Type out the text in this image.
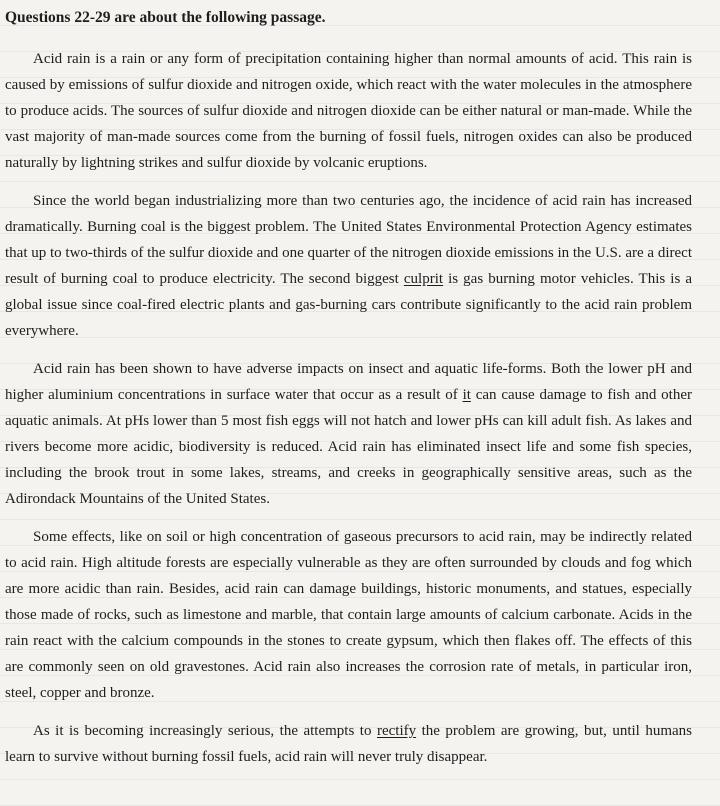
Questions 22-29 are about the following passage.

Acid rain is a rain or any form of precipitation containing higher than normal amounts of acid. This rain is caused by emissions of sulfur dioxide and nitrogen oxide, which react with the water molecules in the atmosphere to produce acids. The sources of sulfur dioxide and nitrogen dioxide can be either natural or man-made. While the vast majority of man-made sources come from the burning of fossil fuels, nitrogen oxides can also be produced naturally by lightning strikes and sulfur dioxide by volcanic eruptions.

Since the world began industrializing more than two centuries ago, the incidence of acid rain has increased dramatically. Burning coal is the biggest problem. The United States Environmental Protection Agency estimates that up to two-thirds of the sulfur dioxide and one quarter of the nitrogen dioxide emissions in the U.S. are a direct result of burning coal to produce electricity. The second biggest culprit is gas burning motor vehicles. This is a global issue since coal-fired electric plants and gas-burning cars contribute significantly to the acid rain problem everywhere.

Acid rain has been shown to have adverse impacts on insect and aquatic life-forms. Both the lower pH and higher aluminium concentrations in surface water that occur as a result of it can cause damage to fish and other aquatic animals. At pHs lower than 5 most fish eggs will not hatch and lower pHs can kill adult fish. As lakes and rivers become more acidic, biodiversity is reduced. Acid rain has eliminated insect life and some fish species, including the brook trout in some lakes, streams, and creeks in geographically sensitive areas, such as the Adirondack Mountains of the United States.

Some effects, like on soil or high concentration of gaseous precursors to acid rain, may be indirectly related to acid rain. High altitude forests are especially vulnerable as they are often surrounded by clouds and fog which are more acidic than rain. Besides, acid rain can damage buildings, historic monuments, and statues, especially those made of rocks, such as limestone and marble, that contain large amounts of calcium carbonate. Acids in the rain react with the calcium compounds in the stones to create gypsum, which then flakes off. The effects of this are commonly seen on old gravestones. Acid rain also increases the corrosion rate of metals, in particular iron, steel, copper and bronze.

As it is becoming increasingly serious, the attempts to rectify the problem are growing, but, until humans learn to survive without burning fossil fuels, acid rain will never truly disappear.
